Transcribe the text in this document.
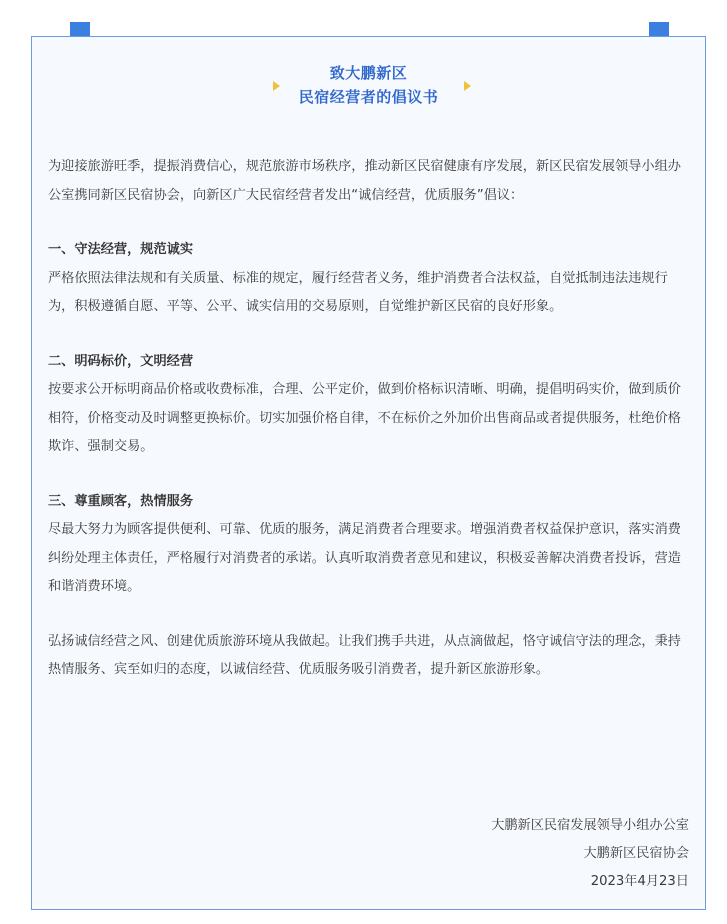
致大鹏新区
民宿经营者的倡议书

为迎接旅游旺季，提振消费信心，规范旅游市场秩序，推动新区民宿健康有序发展，新区民宿发展领导小组办公室携同新区民宿协会，向新区广大民宿经营者发出“诚信经营，优质服务”倡议：

一、守法经营，规范诚实

严格依照法律法规和有关质量、标准的规定，履行经营者义务，维护消费者合法权益，自觉抵制违法违规行为，积极遵循自愿、平等、公平、诚实信用的交易原则，自觉维护新区民宿的良好形象。

二、明码标价，文明经营

按要求公开标明商品价格或收费标准，合理、公平定价，做到价格标识清晰、明确，提倡明码实价，做到质价相符，价格变动及时调整更换标价。切实加强价格自律，不在标价之外加价出售商品或者提供服务，杜绝价格欺诈、强制交易。

三、尊重顾客，热情服务

尽最大努力为顾客提供便利、可靠、优质的服务，满足消费者合理要求。增强消费者权益保护意识，落实消费纠纷处理主体责任，严格履行对消费者的承诺。认真听取消费者意见和建议，积极妥善解决消费者投诉，营造和谐消费环境。

弘扬诚信经营之风、创建优质旅游环境从我做起。让我们携手共进，从点滴做起，恪守诚信守法的理念，秉持热情服务、宾至如归的态度，以诚信经营、优质服务吸引消费者，提升新区旅游形象。

大鹏新区民宿发展领导小组办公室
大鹏新区民宿协会
2023年4月23日
